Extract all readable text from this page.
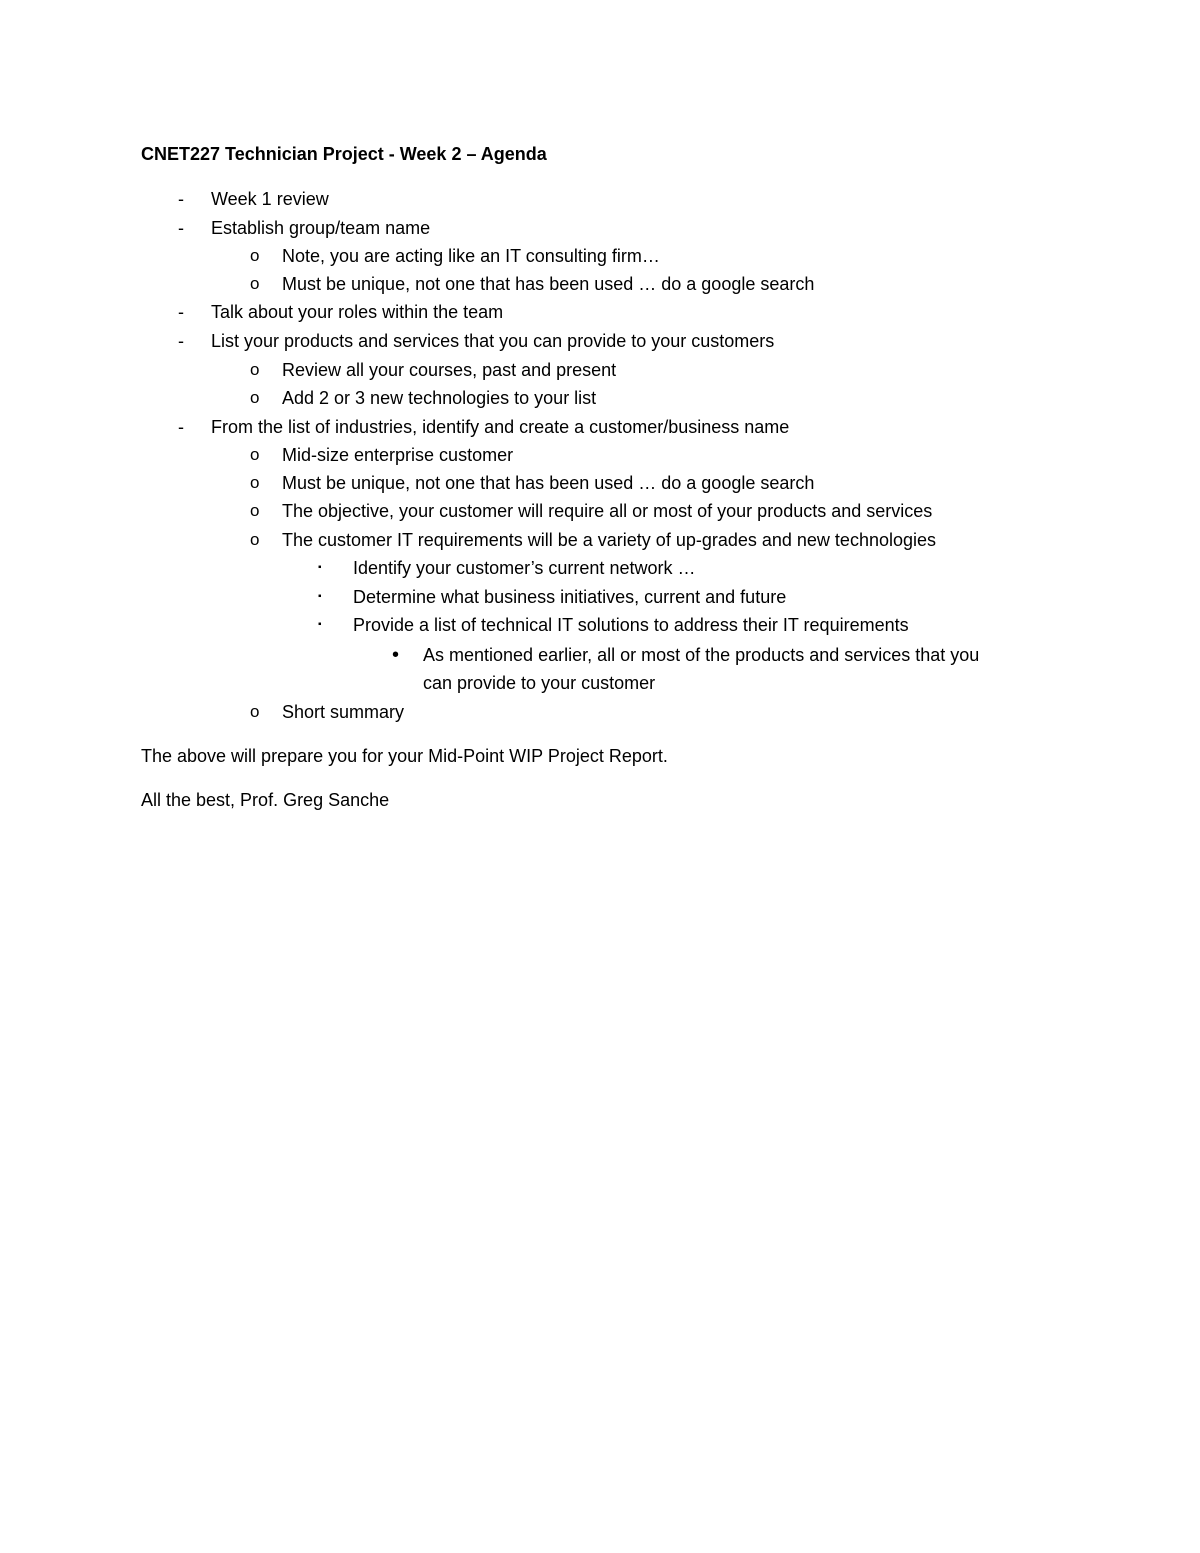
CNET227 Technician Project - Week 2 – Agenda
- Week 1 review
- Establish group/team name
o Note, you are acting like an IT consulting firm…
o Must be unique, not one that has been used … do a google search
- Talk about your roles within the team
- List your products and services that you can provide to your customers
o Review all your courses, past and present
o Add 2 or 3 new technologies to your list
- From the list of industries, identify and create a customer/business name
o Mid-size enterprise customer
o Must be unique, not one that has been used … do a google search
o The objective, your customer will require all or most of your products and services
o The customer IT requirements will be a variety of up-grades and new technologies
▪ Identify your customer’s current network …
▪ Determine what business initiatives, current and future
▪ Provide a list of technical IT solutions to address their IT requirements
• As mentioned earlier, all or most of the products and services that you
can provide to your customer
o Short summary
The above will prepare you for your Mid-Point WIP Project Report.
All the best, Prof. Greg Sanche
